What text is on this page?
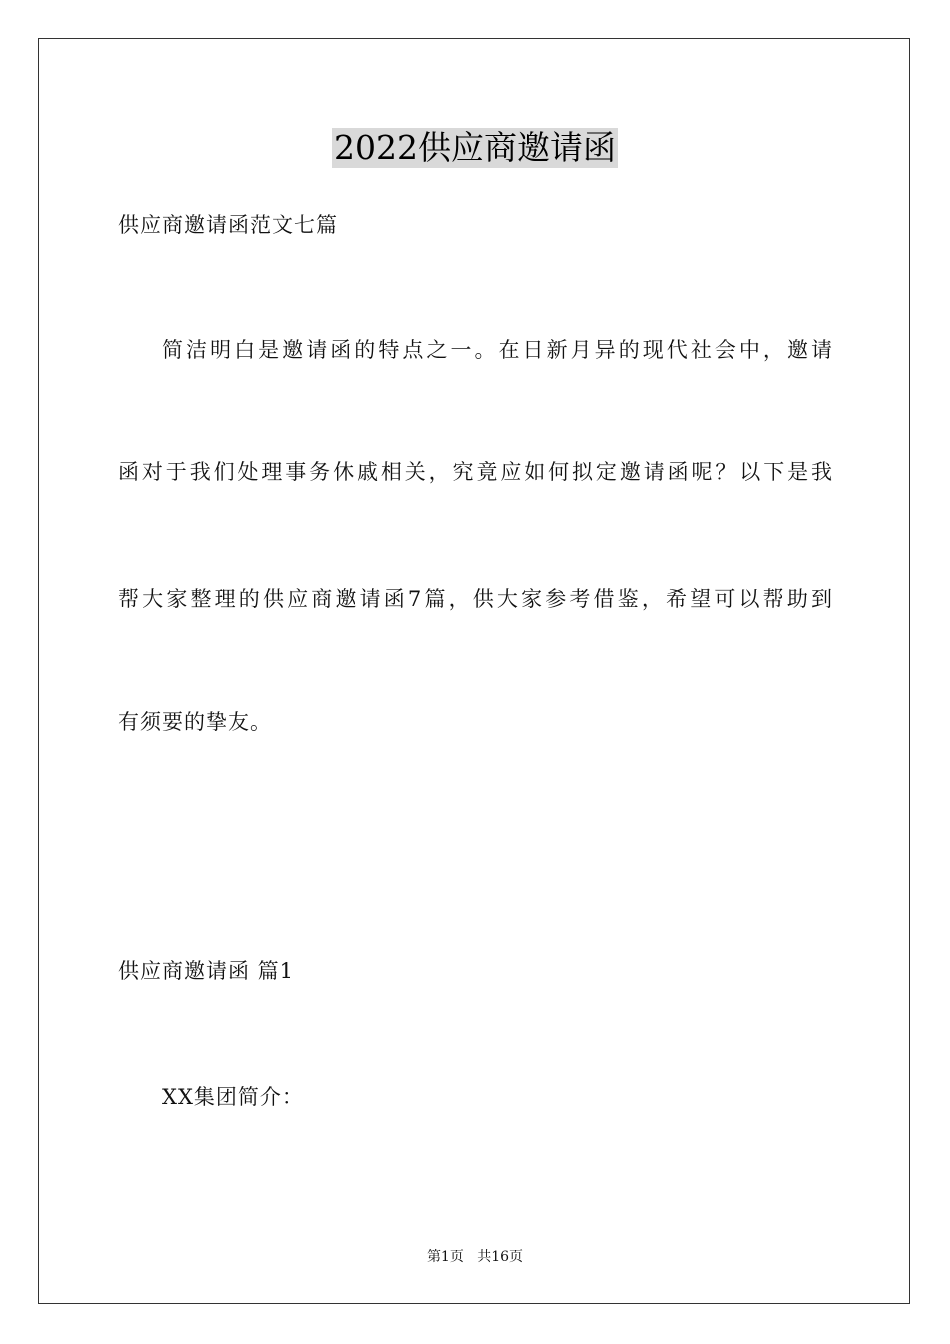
2022供应商邀请函
供应商邀请函范文七篇
简洁明白是邀请函的特点之一。在日新月异的现代社会中，邀请
函对于我们处理事务休戚相关，究竟应如何拟定邀请函呢？以下是我
帮大家整理的供应商邀请函7篇，供大家参考借鉴，希望可以帮助到
有须要的挚友。
供应商邀请函 篇1
XX集团简介：
第1页 共16页
